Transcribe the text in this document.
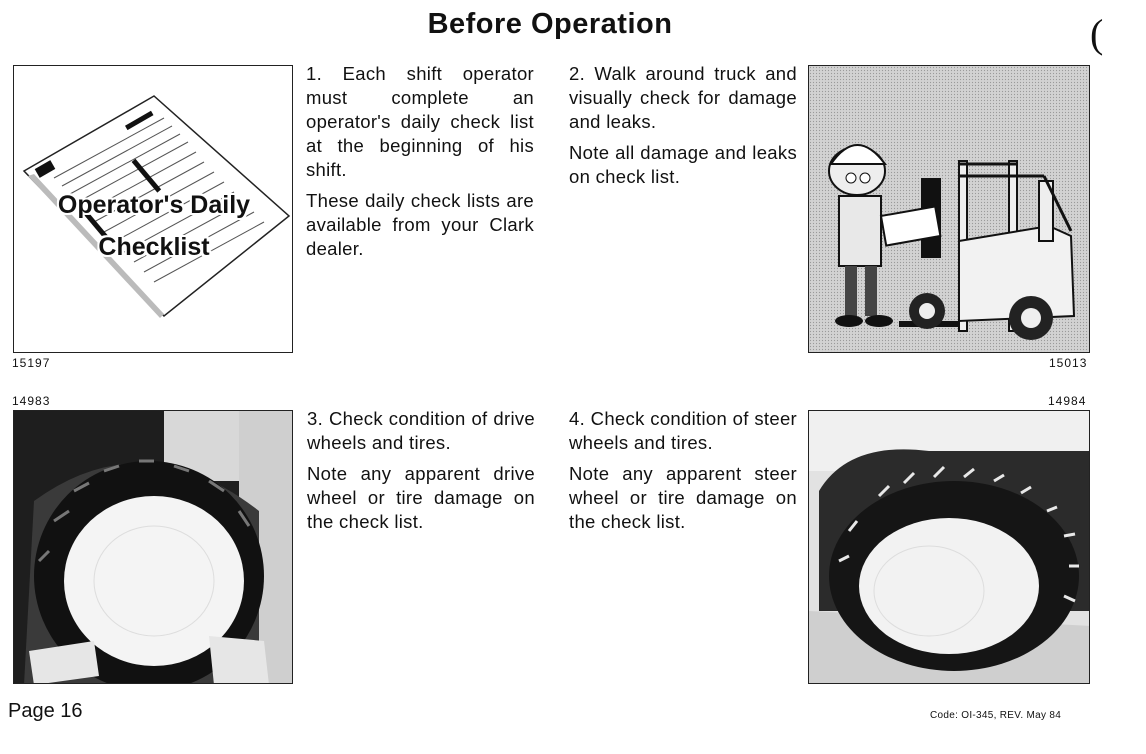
Before Operation	(
Operator's Daily
Checklist
15197

1. Each shift operator must complete an operator's daily check list at the beginning of his shift.

These daily check lists are available from your Clark dealer.

2. Walk around truck and visually check for damage and leaks.

Note all damage and leaks on check list.

15013
14983

3. Check condition of drive wheels and tires.

Note any apparent drive wheel or tire damage on the check list.

4. Check condition of steer wheels and tires.

Note any apparent steer wheel or tire damage on the check list.

14984
Page 16	Code: OI-345, REV. May 84
